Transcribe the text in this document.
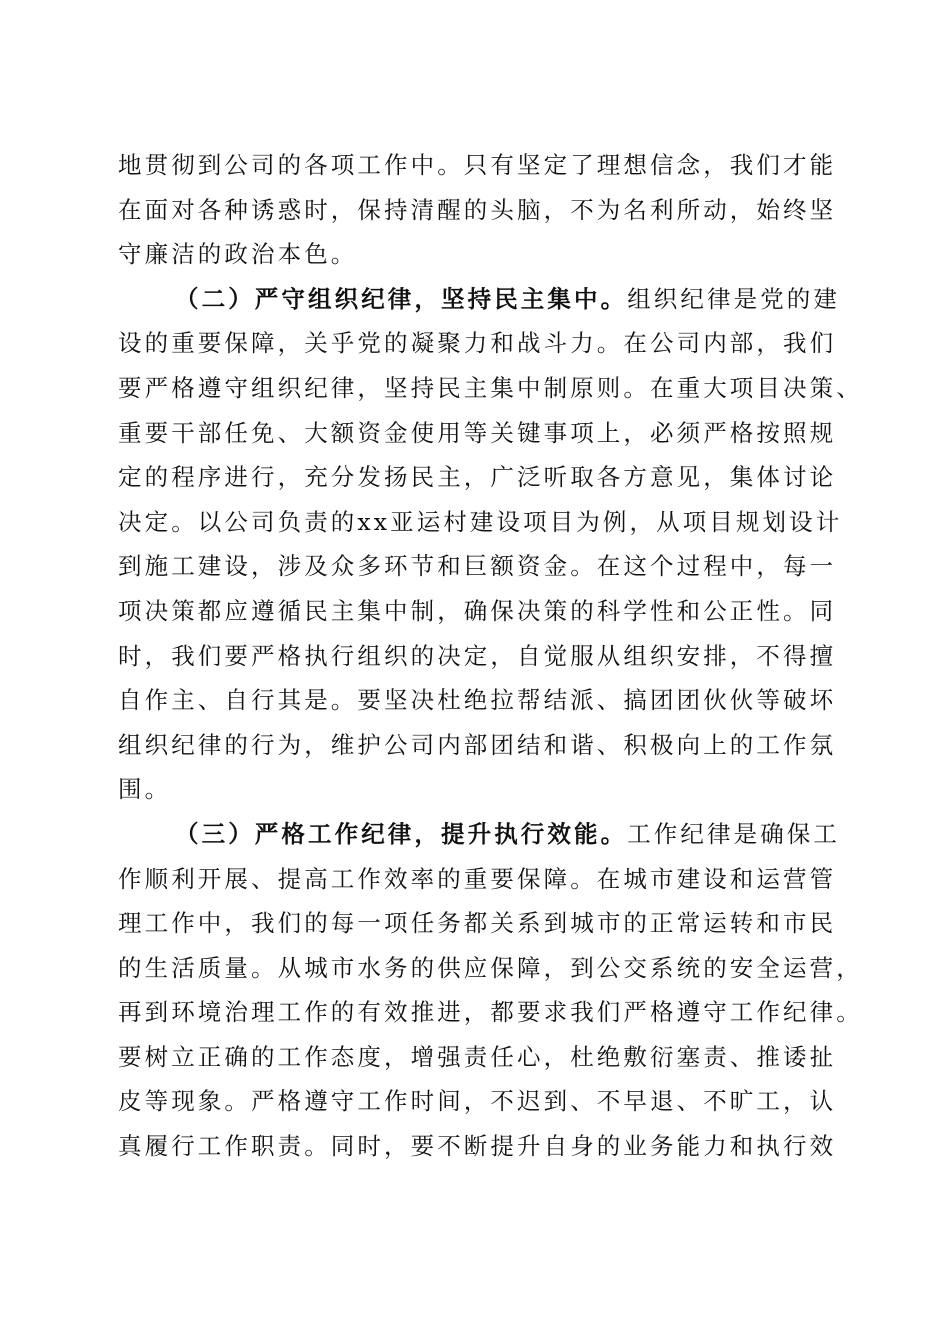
地贯彻到公司的各项工作中。只有坚定了理想信念，我们才能
在面对各种诱惑时，保持清醒的头脑，不为名利所动，始终坚
守廉洁的政治本色。
（二）严守组织纪律，坚持民主集中。组织纪律是党的建
设的重要保障，关乎党的凝聚力和战斗力。在公司内部，我们
要严格遵守组织纪律，坚持民主集中制原则。在重大项目决策、
重要干部任免、大额资金使用等关键事项上，必须严格按照规
定的程序进行，充分发扬民主，广泛听取各方意见，集体讨论
决定。以公司负责的xx亚运村建设项目为例，从项目规划设计
到施工建设，涉及众多环节和巨额资金。在这个过程中，每一
项决策都应遵循民主集中制，确保决策的科学性和公正性。同
时，我们要严格执行组织的决定，自觉服从组织安排，不得擅
自作主、自行其是。要坚决杜绝拉帮结派、搞团团伙伙等破坏
组织纪律的行为，维护公司内部团结和谐、积极向上的工作氛
围。
（三）严格工作纪律，提升执行效能。工作纪律是确保工
作顺利开展、提高工作效率的重要保障。在城市建设和运营管
理工作中，我们的每一项任务都关系到城市的正常运转和市民
的生活质量。从城市水务的供应保障，到公交系统的安全运营，
再到环境治理工作的有效推进，都要求我们严格遵守工作纪律。
要树立正确的工作态度，增强责任心，杜绝敷衍塞责、推诿扯
皮等现象。严格遵守工作时间，不迟到、不早退、不旷工，认
真履行工作职责。同时，要不断提升自身的业务能力和执行效
